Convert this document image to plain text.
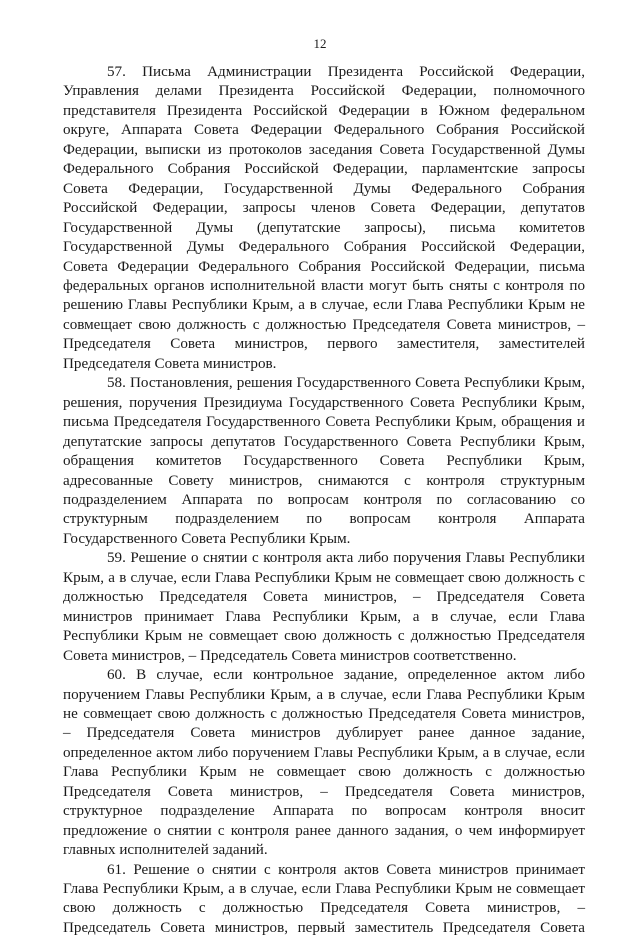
12
57. Письма Администрации Президента Российской Федерации,
Управления делами Президента Российской Федерации, полномочного
представителя Президента Российской Федерации в Южном федеральном
округе, Аппарата Совета Федерации Федерального Собрания Российской
Федерации, выписки из протоколов заседания Совета Государственной Думы
Федерального Собрания Российской Федерации, парламентские запросы
Совета Федерации, Государственной Думы Федерального Собрания
Российской Федерации, запросы членов Совета Федерации, депутатов
Государственной Думы (депутатские запросы), письма комитетов
Государственной Думы Федерального Собрания Российской Федерации,
Совета Федерации Федерального Собрания Российской Федерации, письма
федеральных органов исполнительной власти могут быть сняты с контроля по
решению Главы Республики Крым, а в случае, если Глава Республики Крым не
совмещает свою должность с должностью Председателя Совета министров, –
Председателя Совета министров, первого заместителя, заместителей
Председателя Совета министров.
58. Постановления, решения Государственного Совета Республики Крым,
решения, поручения Президиума Государственного Совета Республики Крым,
письма Председателя Государственного Совета Республики Крым, обращения и
депутатские запросы депутатов Государственного Совета Республики Крым,
обращения комитетов Государственного Совета Республики Крым,
адресованные Совету министров, снимаются с контроля структурным
подразделением Аппарата по вопросам контроля по согласованию со
структурным подразделением по вопросам контроля Аппарата
Государственного Совета Республики Крым.
59. Решение о снятии с контроля акта либо поручения Главы Республики
Крым, а в случае, если Глава Республики Крым не совмещает свою должность с
должностью Председателя Совета министров, – Председателя Совета
министров принимает Глава Республики Крым, а в случае, если Глава
Республики Крым не совмещает свою должность с должностью Председателя
Совета министров, – Председатель Совета министров соответственно.
60. В случае, если контрольное задание, определенное актом либо
поручением Главы Республики Крым, а в случае, если Глава Республики Крым
не совмещает свою должность с должностью Председателя Совета министров,
– Председателя Совета министров дублирует ранее данное задание,
определенное актом либо поручением Главы Республики Крым, а в случае, если
Глава Республики Крым не совмещает свою должность с должностью
Председателя Совета министров, – Председателя Совета министров,
структурное подразделение Аппарата по вопросам контроля вносит
предложение о снятии с контроля ранее данного задания, о чем информирует
главных исполнителей заданий.
61. Решение о снятии с контроля актов Совета министров принимает
Глава Республики Крым, а в случае, если Глава Республики Крым не совмещает
свою должность с должностью Председателя Совета министров, –
Председатель Совета министров, первый заместитель Председателя Совета
